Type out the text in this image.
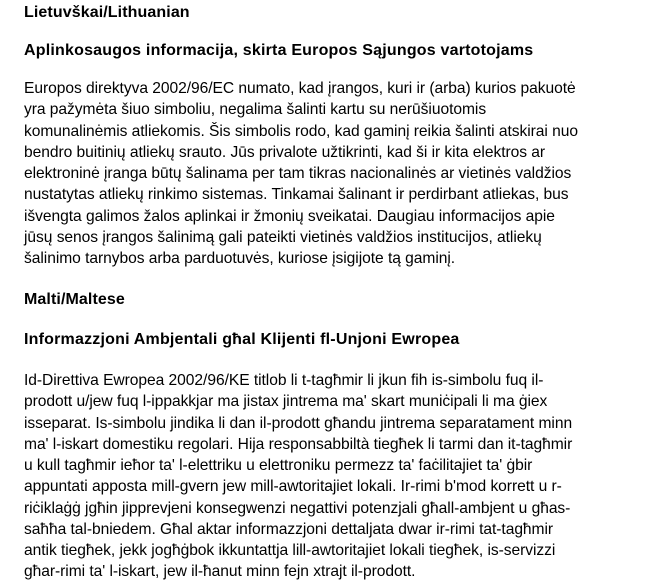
Lietuvškai/Lithuanian

Aplinkosaugos informacija, skirta Europos Sąjungos vartotojams

Europos direktyva 2002/96/EC numato, kad įrangos, kuri ir (arba) kurios pakuotė
yra pažymėta šiuo simboliu, negalima šalinti kartu su nerūšiuotomis
komunalinėmis atliekomis. Šis simbolis rodo, kad gaminį reikia šalinti atskirai nuo
bendro buitinių atliekų srauto. Jūs privalote užtikrinti, kad ši ir kita elektros ar
elektroninė įranga būtų šalinama per tam tikras nacionalinės ar vietinės valdžios
nustatytas atliekų rinkimo sistemas. Tinkamai šalinant ir perdirbant atliekas, bus
išvengta galimos žalos aplinkai ir žmonių sveikatai. Daugiau informacijos apie
jūsų senos įrangos šalinimą gali pateikti vietinės valdžios institucijos, atliekų
šalinimo tarnybos arba parduotuvės, kuriose įsigijote tą gaminį.

Malti/Maltese

Informazzjoni Ambjentali għal Klijenti fl-Unjoni Ewropea

Id-Direttiva Ewropea 2002/96/KE titlob li t-tagħmir li jkun fih is-simbolu fuq il-
prodott u/jew fuq l-ippakkjar ma jistax jintrema ma' skart muniċipali li ma ġiex
isseparat. Is-simbolu jindika li dan il-prodott għandu jintrema separatament minn
ma' l-iskart domestiku regolari. Hija responsabbiltà tiegħek li tarmi dan it-tagħmir
u kull tagħmir ieħor ta' l-elettriku u elettroniku permezz ta' faċilitajiet ta' ġbir
appuntati apposta mill-gvern jew mill-awtoritajiet lokali. Ir-rimi b'mod korrett u r-
riċiklaġġ jgħin jipprevjeni konsegwenzi negattivi potenzjali għall-ambjent u għas-
saħħa tal-bniedem. Għal aktar informazzjoni dettaljata dwar ir-rimi tat-tagħmir
antik tiegħek, jekk jogħġbok ikkuntattja lill-awtoritajiet lokali tiegħek, is-servizzi
għar-rimi ta' l-iskart, jew il-ħanut minn fejn xtrajt il-prodott.
